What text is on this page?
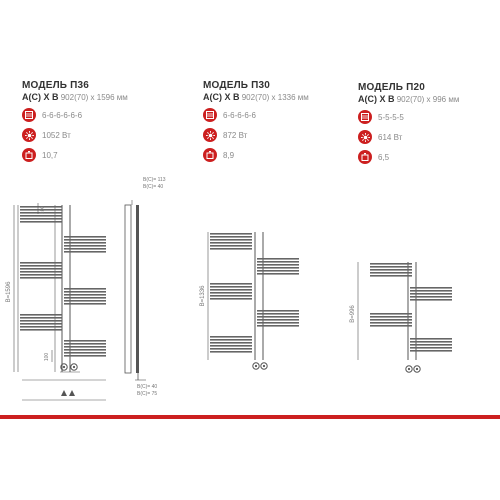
МОДЕЛЬ П36
A(C) X B 902(70) x 1596 мм
6-6-6-6-6-6
1052 Вт
10,7
МОДЕЛЬ П30
A(C) X B 902(70) x 1336 мм
6-6-6-6-6
872 Вт
8,9
МОДЕЛЬ П20
A(C) X B 902(70) x 996 мм
5-5-5-5
614 Вт
6,5
B=1596
100
100
B(C)= 113
B(C)= 40
B(C)= 40
B(C)= 75
B=1336
B=996
